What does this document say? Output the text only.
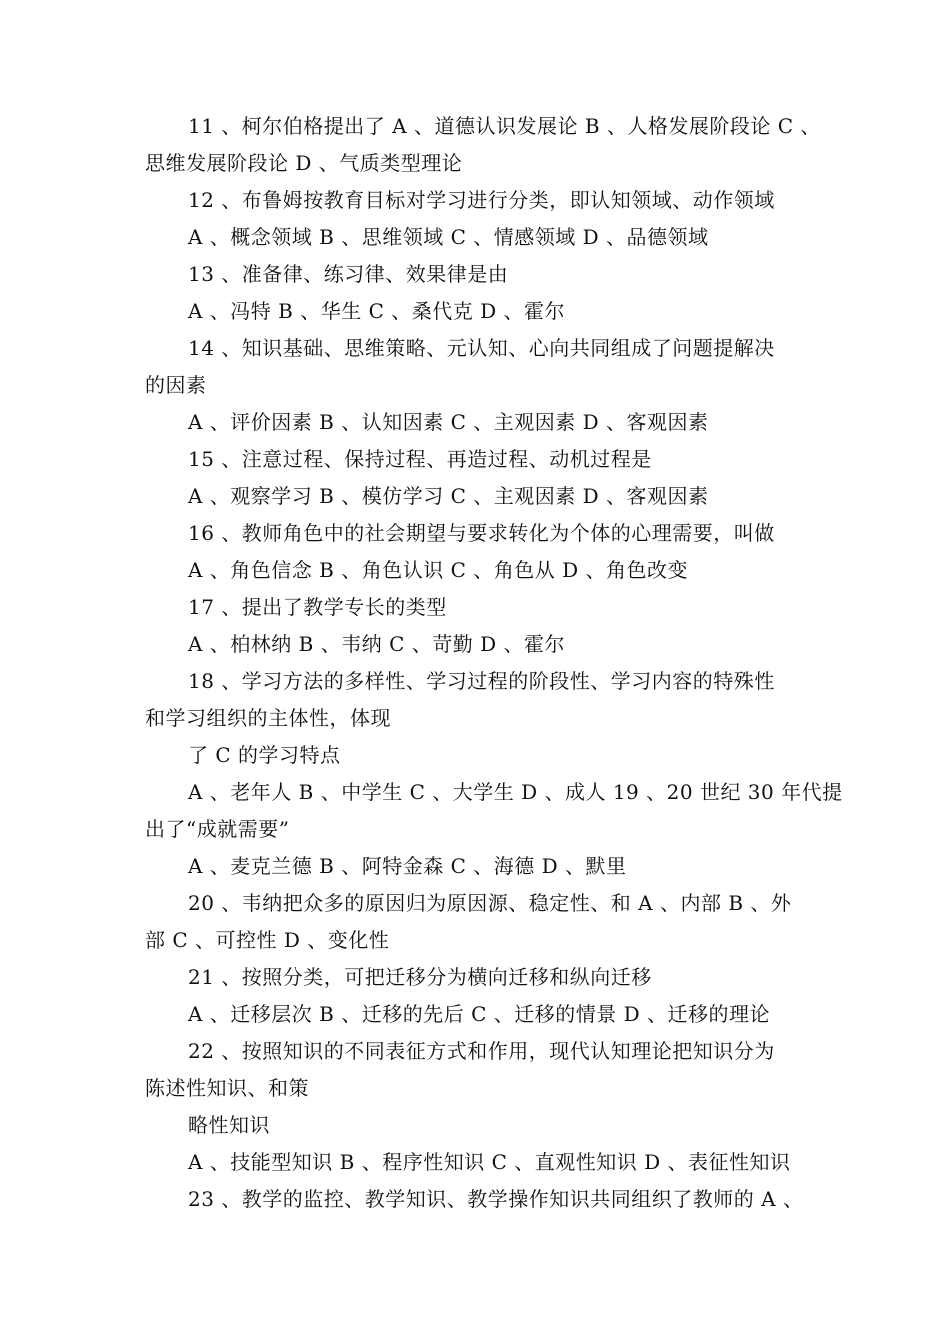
11 、柯尔伯格提出了 A 、道德认识发展论 B 、人格发展阶段论 C 、
思维发展阶段论 D 、气质类型理论
12 、布鲁姆按教育目标对学习进行分类，即认知领域、动作领域
A 、概念领域 B 、思维领域 C 、情感领域 D 、品德领域
13 、准备律、练习律、效果律是由
A 、冯特 B 、华生 C 、桑代克 D 、霍尔
14 、知识基础、思维策略、元认知、心向共同组成了问题提解决
的因素
A 、评价因素 B 、认知因素 C 、主观因素 D 、客观因素
15 、注意过程、保持过程、再造过程、动机过程是
A 、观察学习 B 、模仿学习 C 、主观因素 D 、客观因素
16 、教师角色中的社会期望与要求转化为个体的心理需要，叫做
A 、角色信念 B 、角色认识 C 、角色从 D 、角色改变
17 、提出了教学专长的类型
A 、柏林纳 B 、韦纳 C 、苛勤 D 、霍尔
18 、学习方法的多样性、学习过程的阶段性、学习内容的特殊性
和学习组织的主体性，体现
了 C 的学习特点
A 、老年人 B 、中学生 C 、大学生 D 、成人 19 、20 世纪 30 年代提
出了“成就需要”
A 、麦克兰德 B 、阿特金森 C 、海德 D 、默里
20 、韦纳把众多的原因归为原因源、稳定性、和 A 、内部 B 、外
部 C 、可控性 D 、变化性
21 、按照分类，可把迁移分为横向迁移和纵向迁移
A 、迁移层次 B 、迁移的先后 C 、迁移的情景 D 、迁移的理论
22 、按照知识的不同表征方式和作用，现代认知理论把知识分为
陈述性知识、和策
略性知识
A 、技能型知识 B 、程序性知识 C 、直观性知识 D 、表征性知识
23 、教学的监控、教学知识、教学操作知识共同组织了教师的 A 、
